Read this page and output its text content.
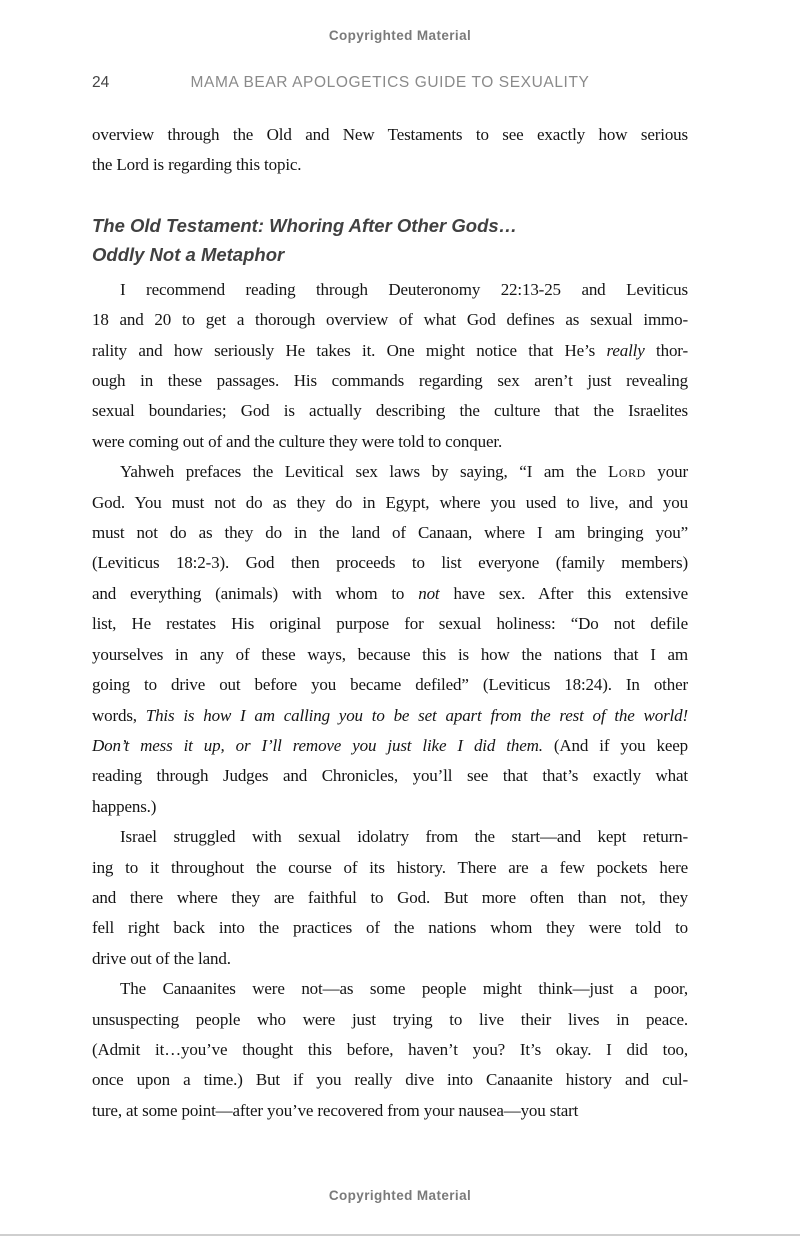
Copyrighted Material
24	MAMA BEAR APOLOGETICS GUIDE TO SEXUALITY
overview through the Old and New Testaments to see exactly how serious
the Lord is regarding this topic.
The Old Testament: Whoring After Other Gods…
Oddly Not a Metaphor
I recommend reading through Deuteronomy 22:13-25 and Leviticus
18 and 20 to get a thorough overview of what God defines as sexual immo-
rality and how seriously He takes it. One might notice that He’s really thor-
ough in these passages. His commands regarding sex aren’t just revealing
sexual boundaries; God is actually describing the culture that the Israelites
were coming out of and the culture they were told to conquer.
Yahweh prefaces the Levitical sex laws by saying, “I am the Lord your
God. You must not do as they do in Egypt, where you used to live, and you
must not do as they do in the land of Canaan, where I am bringing you”
(Leviticus 18:2-3). God then proceeds to list everyone (family members)
and everything (animals) with whom to not have sex. After this extensive
list, He restates His original purpose for sexual holiness: “Do not defile
yourselves in any of these ways, because this is how the nations that I am
going to drive out before you became defiled” (Leviticus 18:24). In other
words, This is how I am calling you to be set apart from the rest of the world!
Don’t mess it up, or I’ll remove you just like I did them. (And if you keep
reading through Judges and Chronicles, you’ll see that that’s exactly what
happens.)
Israel struggled with sexual idolatry from the start—and kept return-
ing to it throughout the course of its history. There are a few pockets here
and there where they are faithful to God. But more often than not, they
fell right back into the practices of the nations whom they were told to
drive out of the land.
The Canaanites were not—as some people might think—just a poor,
unsuspecting people who were just trying to live their lives in peace.
(Admit it…you’ve thought this before, haven’t you? It’s okay. I did too,
once upon a time.) But if you really dive into Canaanite history and cul-
ture, at some point—after you’ve recovered from your nausea—you start
Copyrighted Material
